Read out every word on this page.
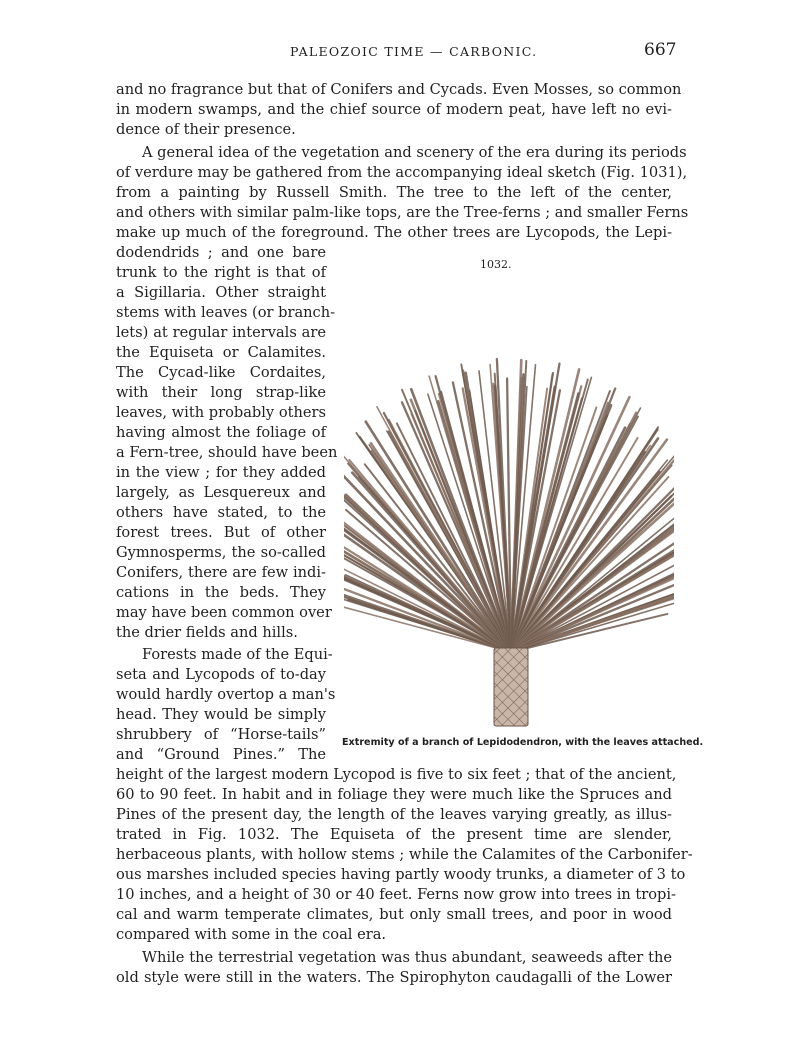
PALEOZOIC TIME — CARBONIC.	667
and no fragrance but that of Conifers and Cycads. Even Mosses, so common
in modern swamps, and the chief source of modern peat, have left no evi-
dence of their presence.
A general idea of the vegetation and scenery of the era during its periods
of verdure may be gathered from the accompanying ideal sketch (Fig. 1031),
from a painting by Russell Smith. The tree to the left of the center,
and others with similar palm-like tops, are the Tree-ferns ; and smaller Ferns
make up much of the foreground. The other trees are Lycopods, the Lepi-
dodendrids ; and one bare
trunk to the right is that of
a Sigillaria. Other straight
stems with leaves (or branch-
lets) at regular intervals are
the Equiseta or Calamites.
The Cycad-like Cordaites,
with their long strap-like
leaves, with probably others
having almost the foliage of
a Fern-tree, should have been
in the view ; for they added
largely, as Lesquereux and
others have stated, to the
forest trees. But of other
Gymnosperms, the so-called
Conifers, there are few indi-
cations in the beds. They
may have been common over
the drier fields and hills.
Forests made of the Equi-
seta and Lycopods of to-day
would hardly overtop a man's
head. They would be simply
shrubbery of “Horse-tails”
and “Ground Pines.” The
height of the largest modern Lycopod is five to six feet ; that of the ancient,
60 to 90 feet. In habit and in foliage they were much like the Spruces and
Pines of the present day, the length of the leaves varying greatly, as illus-
trated in Fig. 1032. The Equiseta of the present time are slender,
herbaceous plants, with hollow stems ; while the Calamites of the Carbonifer-
ous marshes included species having partly woody trunks, a diameter of 3 to
10 inches, and a height of 30 or 40 feet. Ferns now grow into trees in tropi-
cal and warm temperate climates, but only small trees, and poor in wood
compared with some in the coal era.
While the terrestrial vegetation was thus abundant, seaweeds after the
old style were still in the waters. The Spirophyton caudagalli of the Lower
1032.
Extremity of a branch of Lepidodendron, with the leaves attached.
